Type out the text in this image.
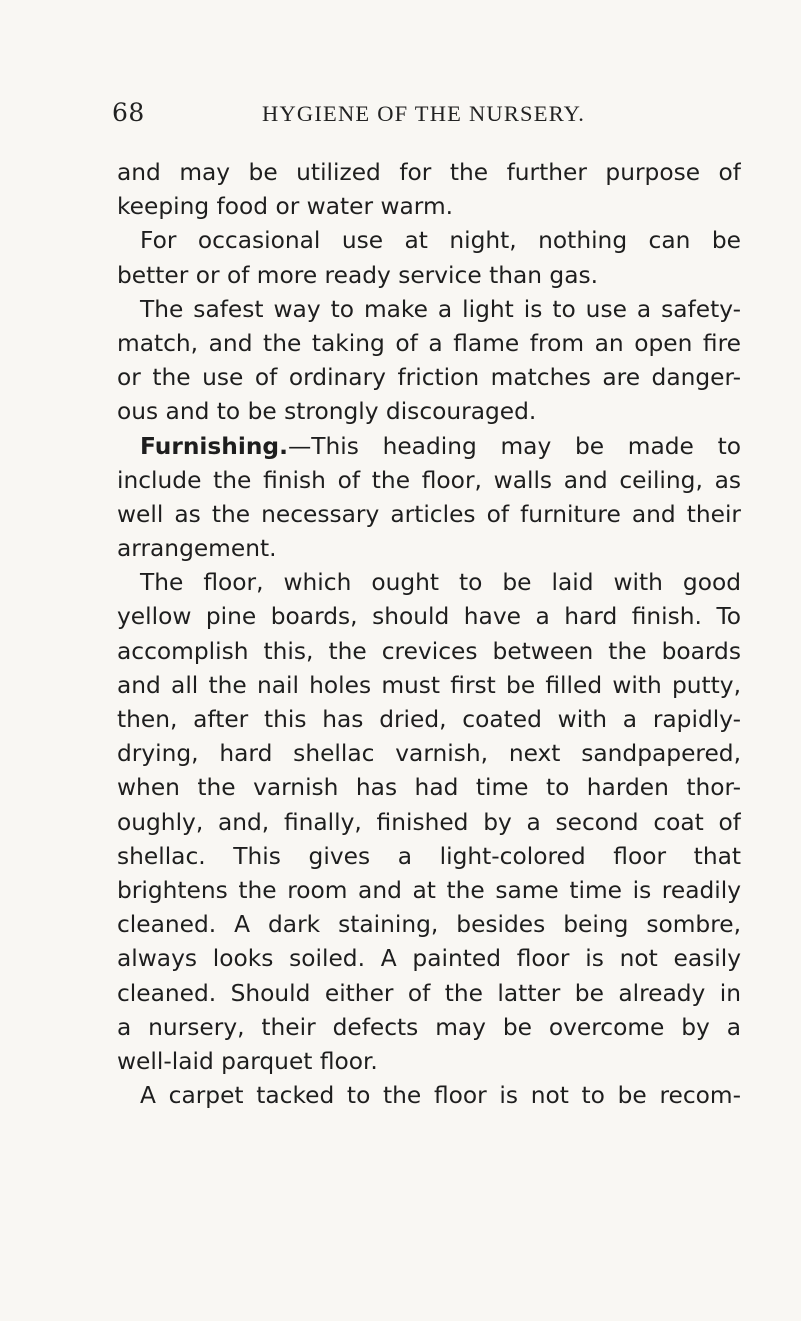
68	HYGIENE OF THE NURSERY.
and may be utilized for the further purpose of
keeping food or water warm.
For occasional use at night, nothing can be
better or of more ready service than gas.
The safest way to make a light is to use a safety-
match, and the taking of a flame from an open fire
or the use of ordinary friction matches are danger-
ous and to be strongly discouraged.
Furnishing.—This heading may be made to
include the finish of the floor, walls and ceiling, as
well as the necessary articles of furniture and their
arrangement.
The floor, which ought to be laid with good
yellow pine boards, should have a hard finish. To
accomplish this, the crevices between the boards
and all the nail holes must first be filled with putty,
then, after this has dried, coated with a rapidly-
drying, hard shellac varnish, next sandpapered,
when the varnish has had time to harden thor-
oughly, and, finally, finished by a second coat of
shellac. This gives a light-colored floor that
brightens the room and at the same time is readily
cleaned. A dark staining, besides being sombre,
always looks soiled. A painted floor is not easily
cleaned. Should either of the latter be already in
a nursery, their defects may be overcome by a
well-laid parquet floor.
A carpet tacked to the floor is not to be recom-
